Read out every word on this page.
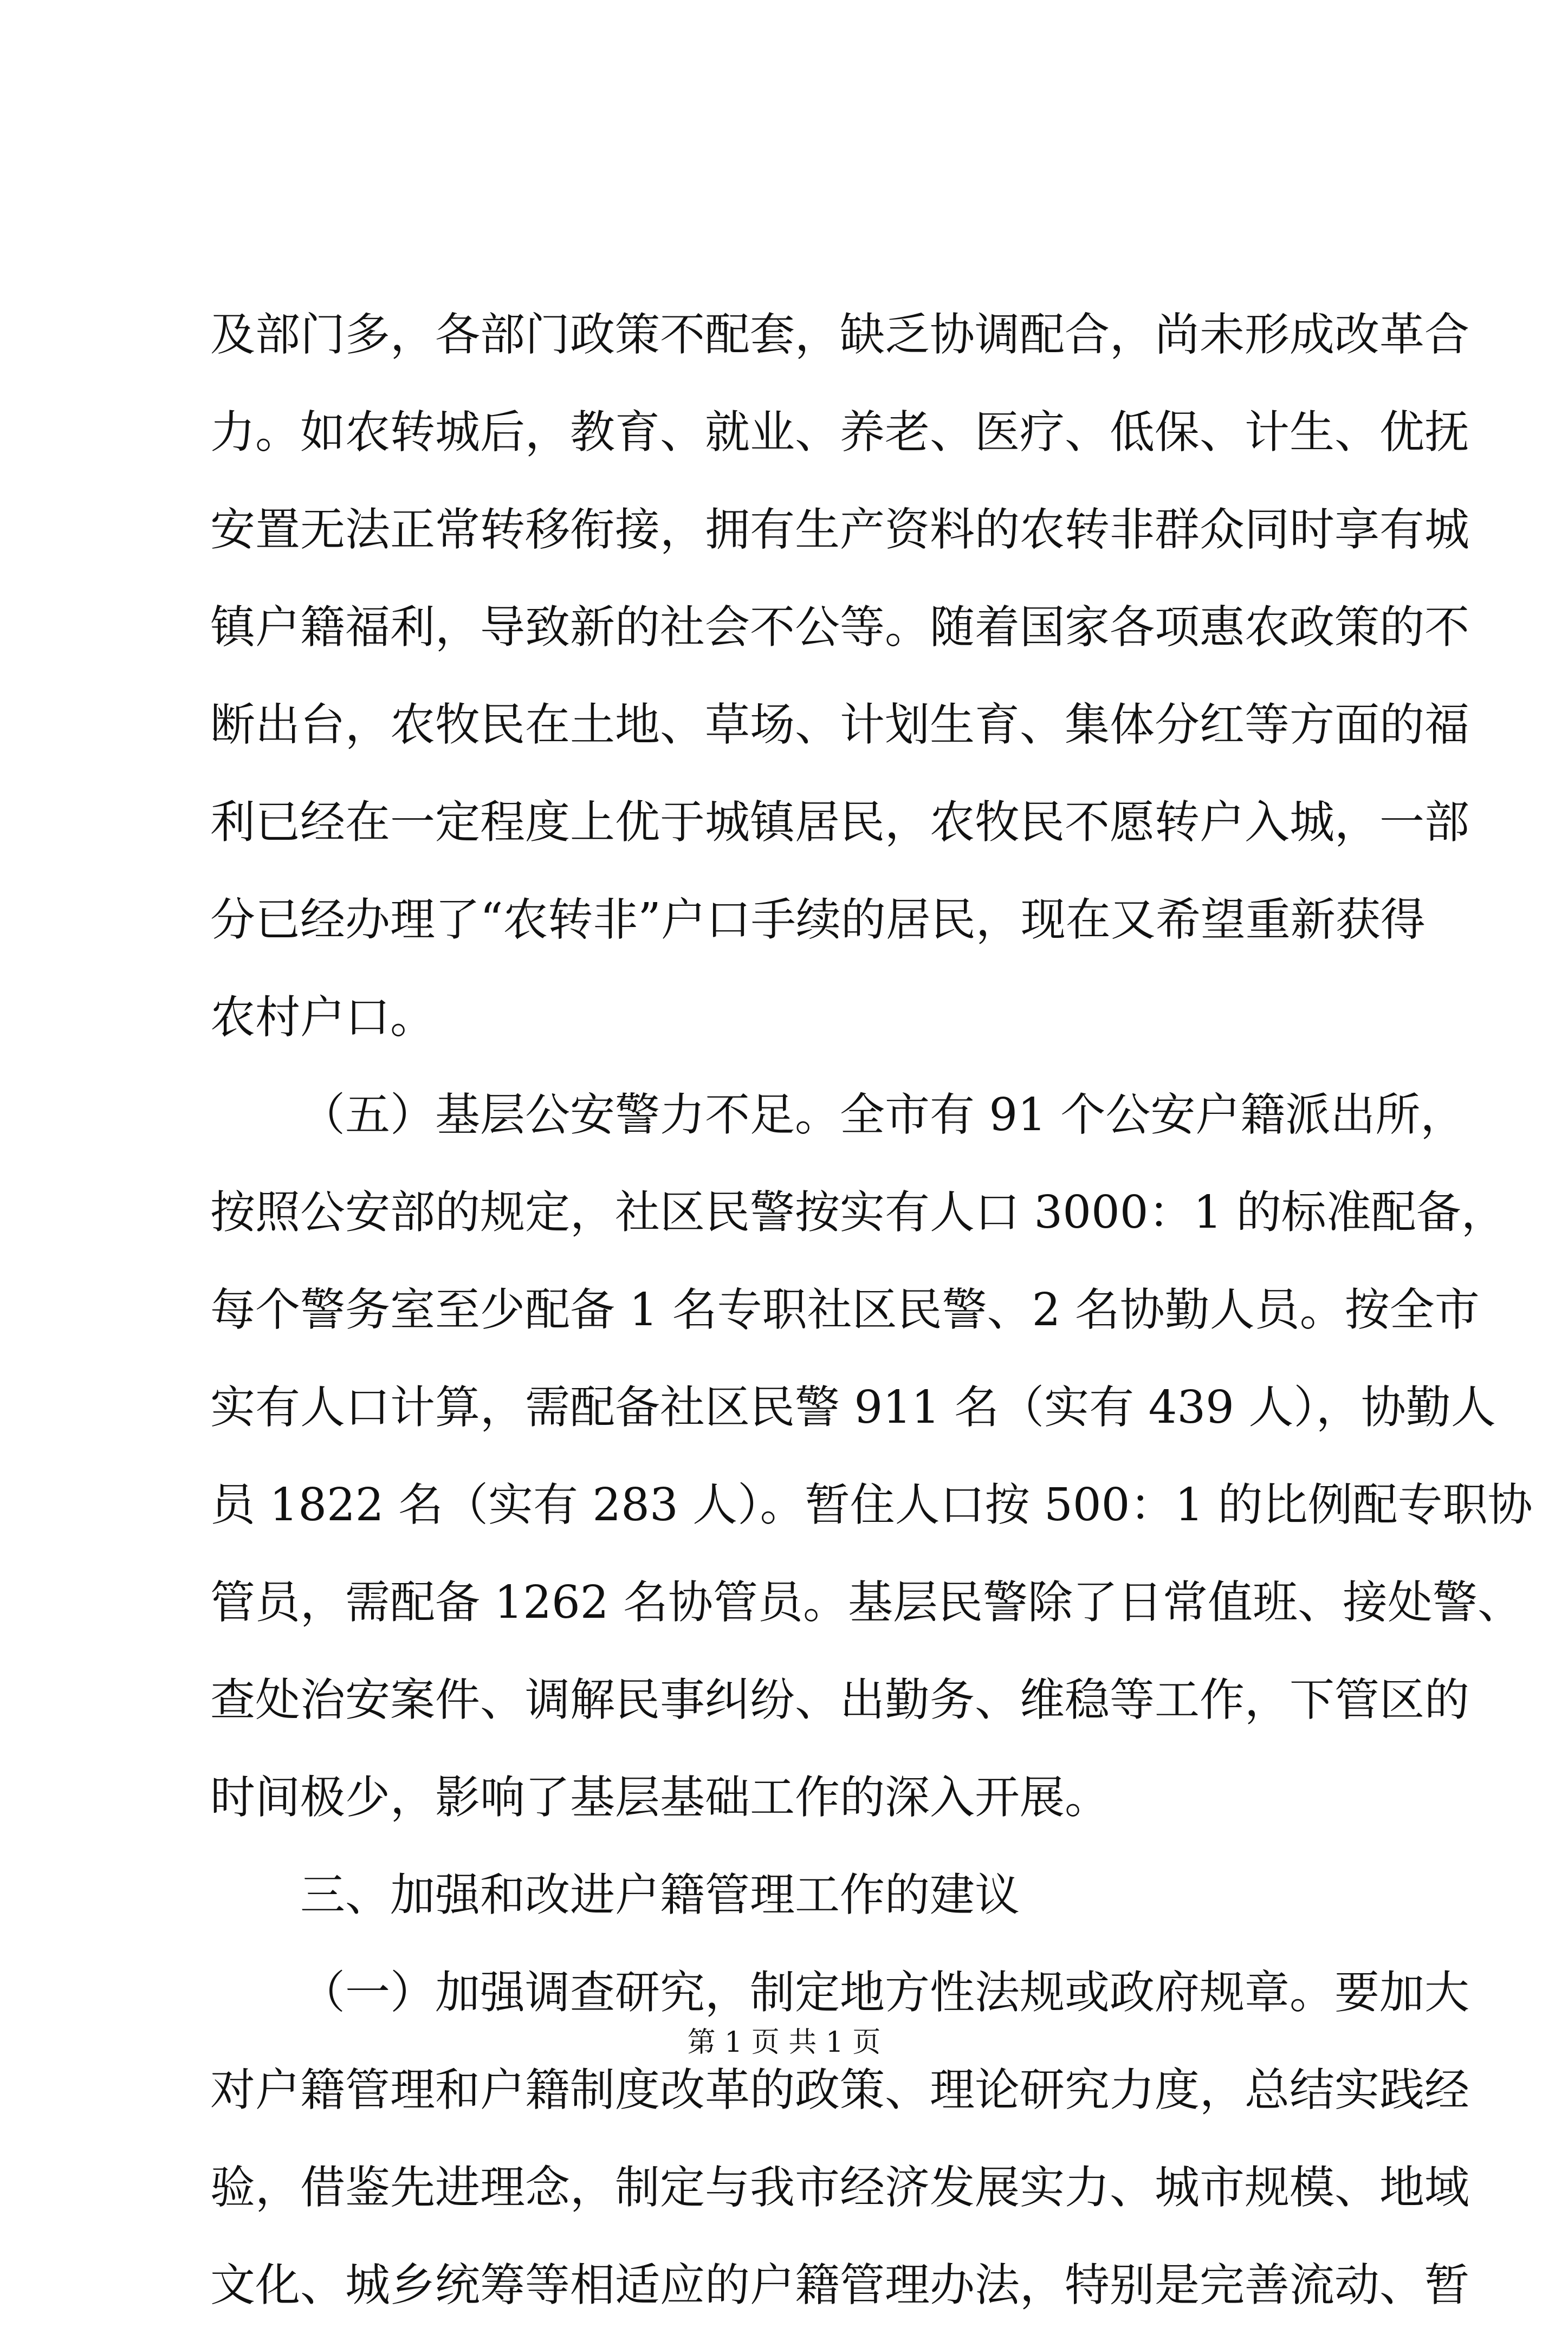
及部门多，各部门政策不配套，缺乏协调配合，尚未形成改革合
力。如农转城后，教育、就业、养老、医疗、低保、计生、优抚
安置无法正常转移衔接，拥有生产资料的农转非群众同时享有城
镇户籍福利，导致新的社会不公等。随着国家各项惠农政策的不
断出台，农牧民在土地、草场、计划生育、集体分红等方面的福
利已经在一定程度上优于城镇居民，农牧民不愿转户入城，一部
分已经办理了“农转非”户口手续的居民，现在又希望重新获得
农村户口。
（五）基层公安警力不足。全市有 91 个公安户籍派出所，
按照公安部的规定，社区民警按实有人口 3000：1 的标准配备，
每个警务室至少配备 1 名专职社区民警、2 名协勤人员。按全市
实有人口计算，需配备社区民警 911 名（实有 439 人），协勤人
员 1822 名（实有 283 人）。暂住人口按 500：1 的比例配专职协
管员，需配备 1262 名协管员。基层民警除了日常值班、接处警、
查处治安案件、调解民事纠纷、出勤务、维稳等工作，下管区的
时间极少，影响了基层基础工作的深入开展。
三、加强和改进户籍管理工作的建议
（一）加强调查研究，制定地方性法规或政府规章。要加大
对户籍管理和户籍制度改革的政策、理论研究力度，总结实践经
验，借鉴先进理念，制定与我市经济发展实力、城市规模、地域
文化、城乡统筹等相适应的户籍管理办法，特别是完善流动、暂
第 1 页 共 1 页
